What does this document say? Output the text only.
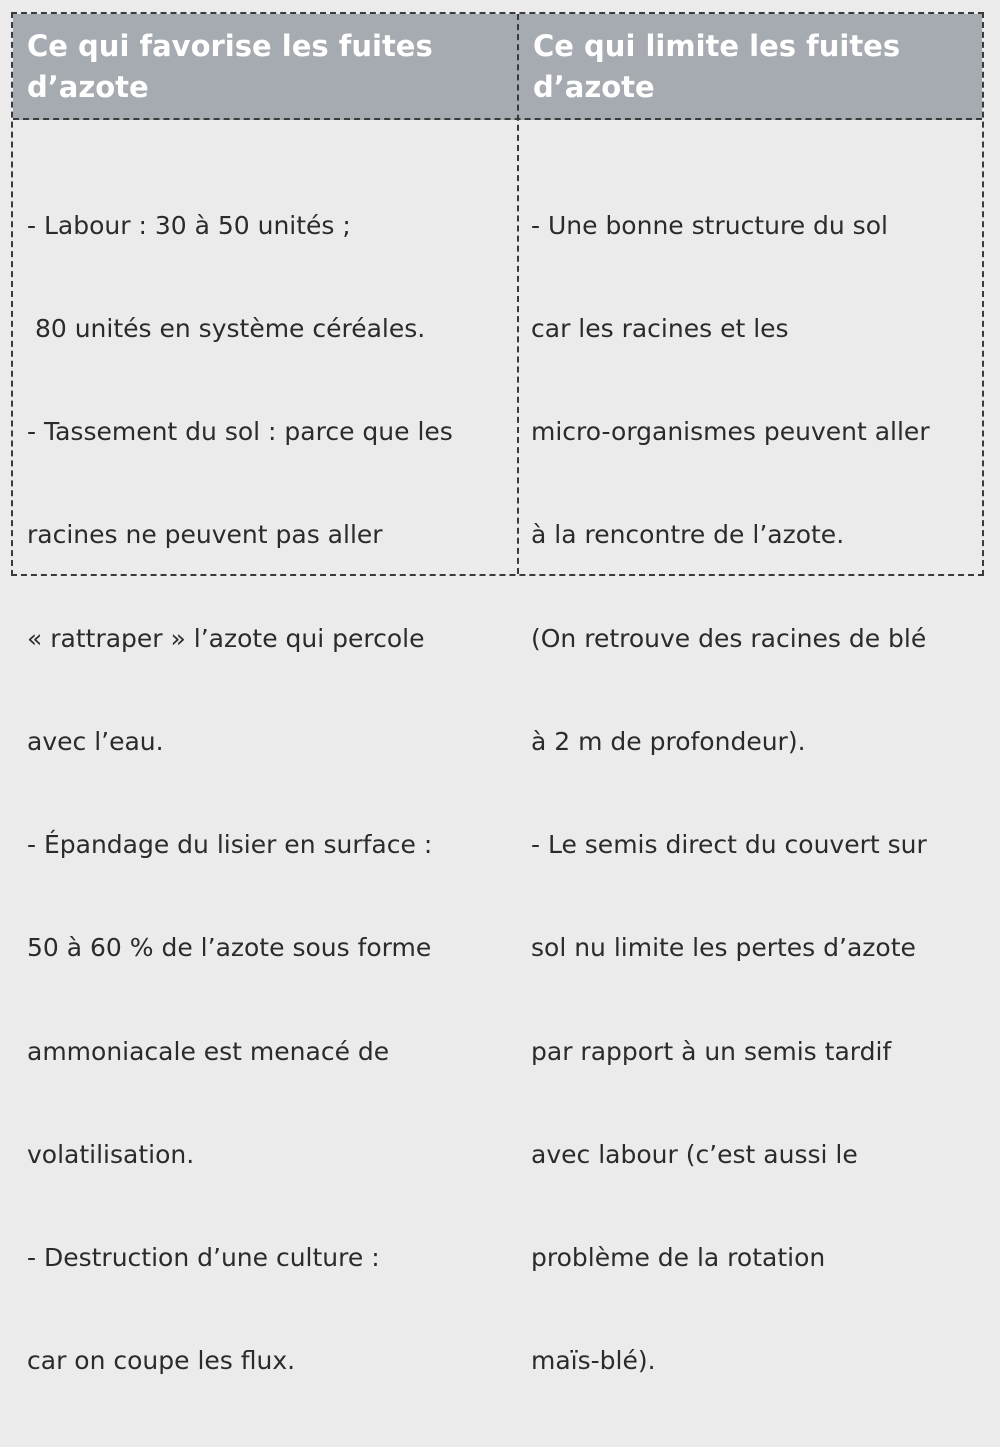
Ce qui favorise les fuites
d’azote
Ce qui limite les fuites
d’azote

- Labour : 30 à 50 unités ;

80 unités en système céréales.

- Tassement du sol : parce que les

racines ne peuvent pas aller

« rattraper » l’azote qui percole

avec l’eau.

- Épandage du lisier en surface :

50 à 60 % de l’azote sous forme

ammoniacale est menacé de

volatilisation.

- Destruction d’une culture :

car on coupe les flux.

- Une bonne structure du sol

car les racines et les

micro-organismes peuvent aller

à la rencontre de l’azote.

(On retrouve des racines de blé

à 2 m de profondeur).

- Le semis direct du couvert sur

sol nu limite les pertes d’azote

par rapport à un semis tardif

avec labour (c’est aussi le

problème de la rotation

maïs-blé).
